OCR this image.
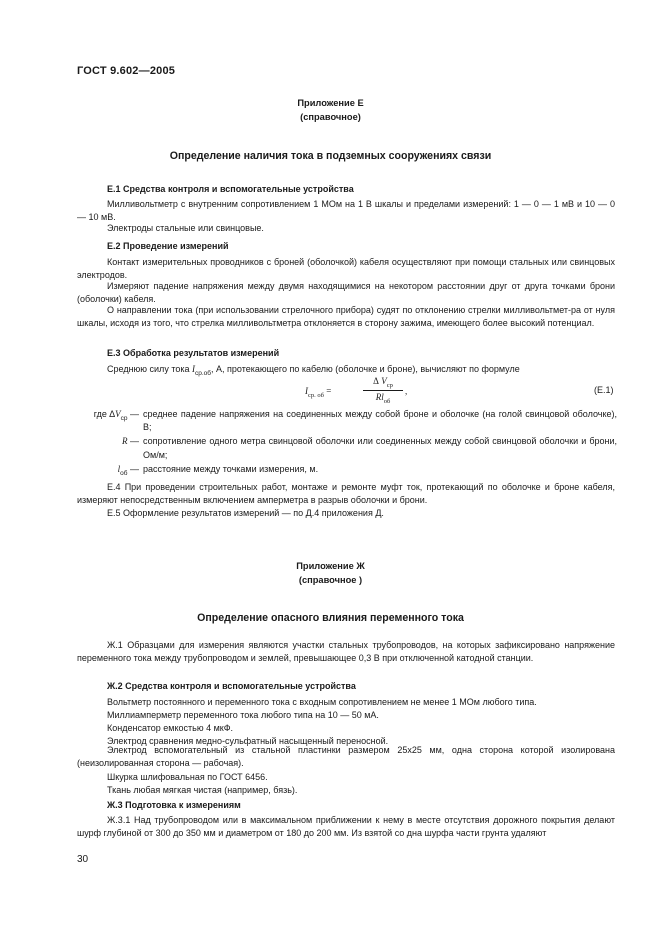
ГОСТ 9.602—2005
Приложение Е
(справочное)
Определение наличия тока в подземных сооружениях связи
Е.1 Средства контроля и вспомогательные устройства
Милливольтметр с внутренним сопротивлением 1 МОм на 1 В шкалы и пределами измерений: 1 — 0 — 1 мВ и 10 — 0 — 10 мВ.
Электроды стальные или свинцовые.
Е.2 Проведение измерений
Контакт измерительных проводников с броней (оболочкой) кабеля осуществляют при помощи стальных или свинцовых электродов.
Измеряют падение напряжения между двумя находящимися на некотором расстоянии друг от друга точками брони (оболочки) кабеля.
О направлении тока (при использовании стрелочного прибора) судят по отклонению стрелки милливольтмет-ра от нуля шкалы, исходя из того, что стрелка милливольтметра отклоняется в сторону зажима, имеющего более высокий потенциал.
Е.3 Обработка результатов измерений
Среднюю силу тока $I_{ср.об}$, А, протекающего по кабелю (оболочке и броне), вычисляют по формуле
$I_{ср. об}$ =
Δ $V_{ср}$
$Rl_{об}$
,	(Е.1)
где $\Delta V_{ср}$ — среднее падение напряжения на соединенных между собой броне и оболочке (на голой свинцовой оболочке), В;
R — сопротивление одного метра свинцовой оболочки или соединенных между собой свинцовой оболочки и брони, Ом/м;
$l_{об}$ — расстояние между точками измерения, м.
Е.4 При проведении строительных работ, монтаже и ремонте муфт ток, протекающий по оболочке и броне кабеля, измеряют непосредственным включением амперметра в разрыв оболочки и брони.
Е.5 Оформление результатов измерений — по Д.4 приложения Д.
Приложение Ж
(справочное )
Определение опасного влияния переменного тока
Ж.1 Образцами для измерения являются участки стальных трубопроводов, на которых зафиксировано напряжение переменного тока между трубопроводом и землей, превышающее 0,3 В при отключенной катодной станции.
Ж.2 Средства контроля и вспомогательные устройства
Вольтметр постоянного и переменного тока с входным сопротивлением не менее 1 МОм любого типа.
Миллиамперметр переменного тока любого типа на 10 — 50 мА.
Конденсатор емкостью 4 мкФ.
Электрод сравнения медно-сульфатный насыщенный переносной.
Электрод вспомогательный из стальной пластинки размером 25х25 мм, одна сторона которой изолирована (неизолированная сторона — рабочая).
Шкурка шлифовальная по ГОСТ 6456.
Ткань любая мягкая чистая (например, бязь).
Ж.3 Подготовка к измерениям
Ж.3.1 Над трубопроводом или в максимальном приближении к нему в месте отсутствия дорожного покрытия делают шурф глубиной от 300 до 350 мм и диаметром от 180 до 200 мм. Из взятой со дна шурфа части грунта удаляют
30
